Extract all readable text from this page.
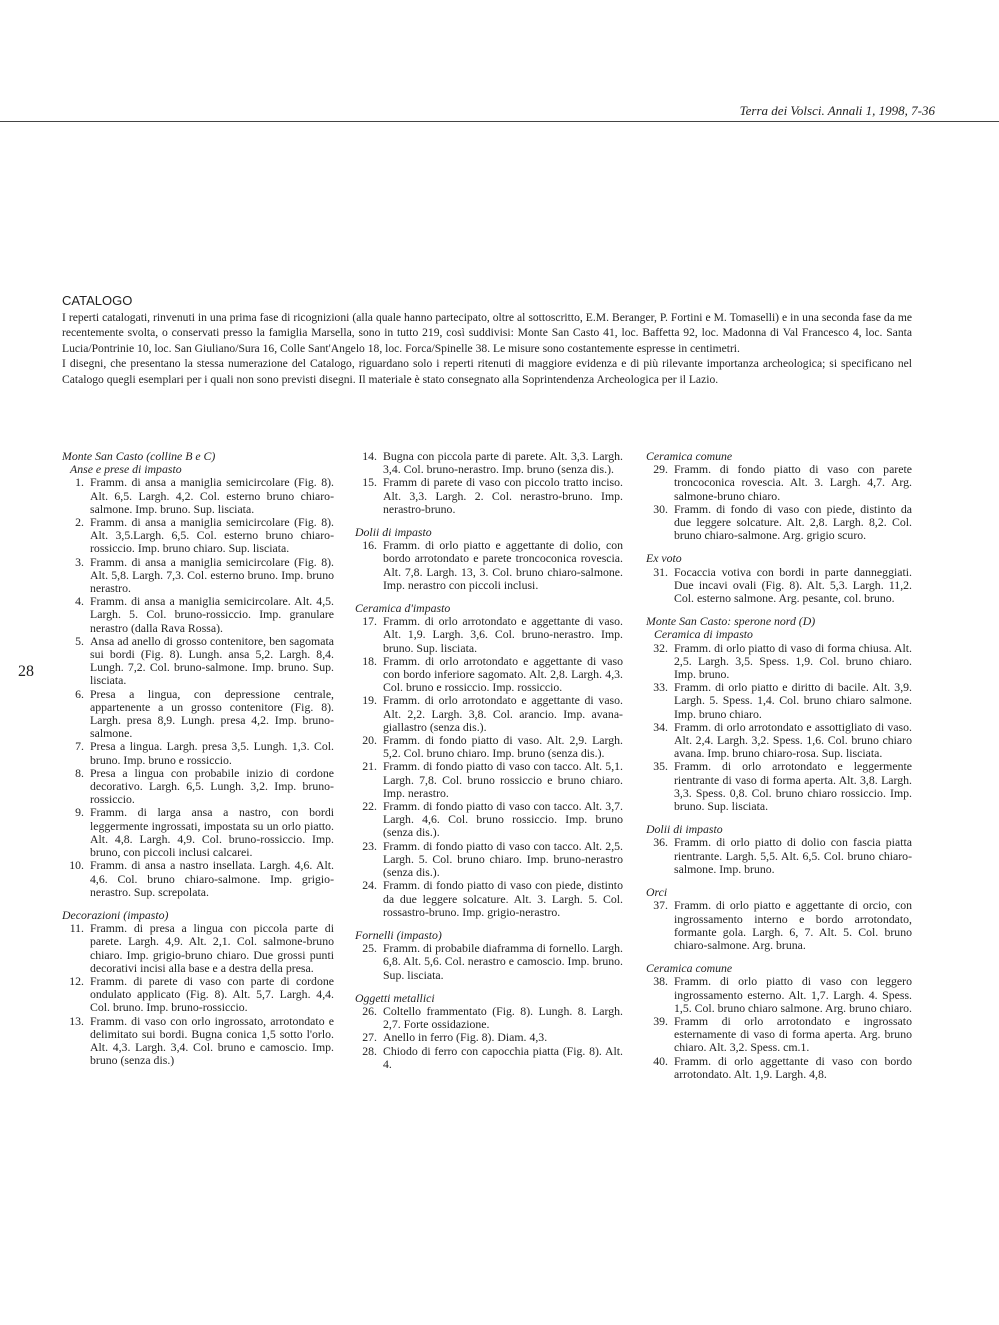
Terra dei Volsci. Annali 1, 1998, 7-36
28
CATALOGO

I reperti catalogati, rinvenuti in una prima fase di ricognizioni (alla quale hanno partecipato, oltre al sottoscritto, E.M. Beranger, P. Fortini e M. Tomaselli) e in una seconda fase da me recentemente svolta, o conservati presso la famiglia Marsella, sono in tutto 219, così suddivisi: Monte San Casto 41, loc. Baffetta 92, loc. Madonna di Val Francesco 4, loc. Santa Lucia/Pontrinie 10, loc. San Giuliano/Sura 16, Colle Sant'Angelo 18, loc. Forca/Spinelle 38. Le misure sono costantemente espresse in centimetri.

I disegni, che presentano la stessa numerazione del Catalogo, riguardano solo i reperti ritenuti di maggiore evidenza e di più rilevante importanza archeologica; si specificano nel Catalogo quegli esemplari per i quali non sono previsti disegni. Il materiale è stato consegnato alla Soprintendenza Archeologica per il Lazio.

Monte San Casto (colline B e C)
Anse e prese di impasto
1. Framm. di ansa a maniglia semicircolare (Fig. 8). Alt. 6,5. Largh. 4,2. Col. esterno bruno chiaro-salmone. Imp. bruno. Sup. lisciata.
2. Framm. di ansa a maniglia semicircolare (Fig. 8). Alt. 3,5.Largh. 6,5. Col. esterno bruno chiaro-rossiccio. Imp. bruno chiaro. Sup. lisciata.
3. Framm. di ansa a maniglia semicircolare (Fig. 8). Alt. 5,8. Largh. 7,3. Col. esterno bruno. Imp. bruno nerastro.
4. Framm. di ansa a maniglia semicircolare. Alt. 4,5. Largh. 5. Col. bruno-rossiccio. Imp. granulare nerastro (dalla Rava Rossa).
5. Ansa ad anello di grosso contenitore, ben sagomata sui bordi (Fig. 8). Lungh. ansa 5,2. Largh. 8,4. Lungh. 7,2. Col. bruno-salmone. Imp. bruno. Sup. lisciata.
6. Presa a lingua, con depressione centrale, appartenente a un grosso contenitore (Fig. 8). Largh. presa 8,9. Lungh. presa 4,2. Imp. bruno-salmone.
7. Presa a lingua. Largh. presa 3,5. Lungh. 1,3. Col. bruno. Imp. bruno e rossiccio.
8. Presa a lingua con probabile inizio di cordone decorativo. Largh. 6,5. Lungh. 3,2. Imp. bruno-rossiccio.
9. Framm. di larga ansa a nastro, con bordi leggermente ingrossati, impostata su un orlo piatto. Alt. 4,8. Largh. 4,9. Col. bruno-rossiccio. Imp. bruno, con piccoli inclusi calcarei.
10. Framm. di ansa a nastro insellata. Largh. 4,6. Alt. 4,6. Col. bruno chiaro-salmone. Imp. grigio-nerastro. Sup. screpolata.
Decorazioni (impasto)
11. Framm. di presa a lingua con piccola parte di parete. Largh. 4,9. Alt. 2,1. Col. salmone-bruno chiaro. Imp. grigio-bruno chiaro. Due grossi punti decorativi incisi alla base e a destra della presa.
12. Framm. di parete di vaso con parte di cordone ondulato applicato (Fig. 8). Alt. 5,7. Largh. 4,4. Col. bruno. Imp. bruno-rossiccio.
13. Framm. di vaso con orlo ingrossato, arrotondato e delimitato sui bordi. Bugna conica 1,5 sotto l'orlo. Alt. 4,3. Largh. 3,4. Col. bruno e camoscio. Imp. bruno (senza dis.)
14. Bugna con piccola parte di parete. Alt. 3,3. Largh. 3,4. Col. bruno-nerastro. Imp. bruno (senza dis.).
15. Framm di parete di vaso con piccolo tratto inciso. Alt. 3,3. Largh. 2. Col. nerastro-bruno. Imp. nerastro-bruno.
Dolii di impasto
16. Framm. di orlo piatto e aggettante di dolio, con bordo arrotondato e parete troncoconica rovescia. Alt. 7,8. Largh. 13, 3. Col. bruno chiaro-salmone. Imp. nerastro con piccoli inclusi.
Ceramica d'impasto
17. Framm. di orlo arrotondato e aggettante di vaso. Alt. 1,9. Largh. 3,6. Col. bruno-nerastro. Imp. bruno. Sup. lisciata.
18. Framm. di orlo arrotondato e aggettante di vaso con bordo inferiore sagomato. Alt. 2,8. Largh. 4,3. Col. bruno e rossiccio. Imp. rossiccio.
19. Framm. di orlo arrotondato e aggettante di vaso. Alt. 2,2. Largh. 3,8. Col. arancio. Imp. avana-giallastro (senza dis.).
20. Framm. di fondo piatto di vaso. Alt. 2,9. Largh. 5,2. Col. bruno chiaro. Imp. bruno (senza dis.).
21. Framm. di fondo piatto di vaso con tacco. Alt. 5,1. Largh. 7,8. Col. bruno rossiccio e bruno chiaro. Imp. nerastro.
22. Framm. di fondo piatto di vaso con tacco. Alt. 3,7. Largh. 4,6. Col. bruno rossiccio. Imp. bruno (senza dis.).
23. Framm. di fondo piatto di vaso con tacco. Alt. 2,5. Largh. 5. Col. bruno chiaro. Imp. bruno-nerastro (senza dis.).
24. Framm. di fondo piatto di vaso con piede, distinto da due leggere solcature. Alt. 3. Largh. 5. Col. rossastro-bruno. Imp. grigio-nerastro.
Fornelli (impasto)
25. Framm. di probabile diaframma di fornello. Largh. 6,8. Alt. 5,6. Col. nerastro e camoscio. Imp. bruno. Sup. lisciata.
Oggetti metallici
26. Coltello frammentato (Fig. 8). Lungh. 8. Largh. 2,7. Forte ossidazione.
27. Anello in ferro (Fig. 8). Diam. 4,3.
28. Chiodo di ferro con capocchia piatta (Fig. 8). Alt. 4.
Ceramica comune
29. Framm. di fondo piatto di vaso con parete troncoconica rovescia. Alt. 3. Largh. 4,7. Arg. salmone-bruno chiaro.
30. Framm. di fondo di vaso con piede, distinto da due leggere solcature. Alt. 2,8. Largh. 8,2. Col. bruno chiaro-salmone. Arg. grigio scuro.
Ex voto
31. Focaccia votiva con bordi in parte danneggiati. Due incavi ovali (Fig. 8). Alt. 5,3. Largh. 11,2. Col. esterno salmone. Arg. pesante, col. bruno.
Monte San Casto: sperone nord (D)
Ceramica di impasto
32. Framm. di orlo piatto di vaso di forma chiusa. Alt. 2,5. Largh. 3,5. Spess. 1,9. Col. bruno chiaro. Imp. bruno.
33. Framm. di orlo piatto e diritto di bacile. Alt. 3,9. Largh. 5. Spess. 1,4. Col. bruno chiaro salmone. Imp. bruno chiaro.
34. Framm. di orlo arrotondato e assottigliato di vaso. Alt. 2,4. Largh. 3,2. Spess. 1,6. Col. bruno chiaro avana. Imp. bruno chiaro-rosa. Sup. lisciata.
35. Framm. di orlo arrotondato e leggermente rientrante di vaso di forma aperta. Alt. 3,8. Largh. 3,3. Spess. 0,8. Col. bruno chiaro rossiccio. Imp. bruno. Sup. lisciata.
Dolii di impasto
36. Framm. di orlo piatto di dolio con fascia piatta rientrante. Largh. 5,5. Alt. 6,5. Col. bruno chiaro-salmone. Imp. bruno.
Orci
37. Framm. di orlo piatto e aggettante di orcio, con ingrossamento interno e bordo arrotondato, formante gola. Largh. 6, 7. Alt. 5. Col. bruno chiaro-salmone. Arg. bruna.
Ceramica comune
38. Framm. di orlo piatto di vaso con leggero ingrossamento esterno. Alt. 1,7. Largh. 4. Spess. 1,5. Col. bruno chiaro salmone. Arg. bruno chiaro.
39. Framm di orlo arrotondato e ingrossato esternamente di vaso di forma aperta. Arg. bruno chiaro. Alt. 3,2. Spess. cm.1.
40. Framm. di orlo aggettante di vaso con bordo arrotondato. Alt. 1,9. Largh. 4,8.
